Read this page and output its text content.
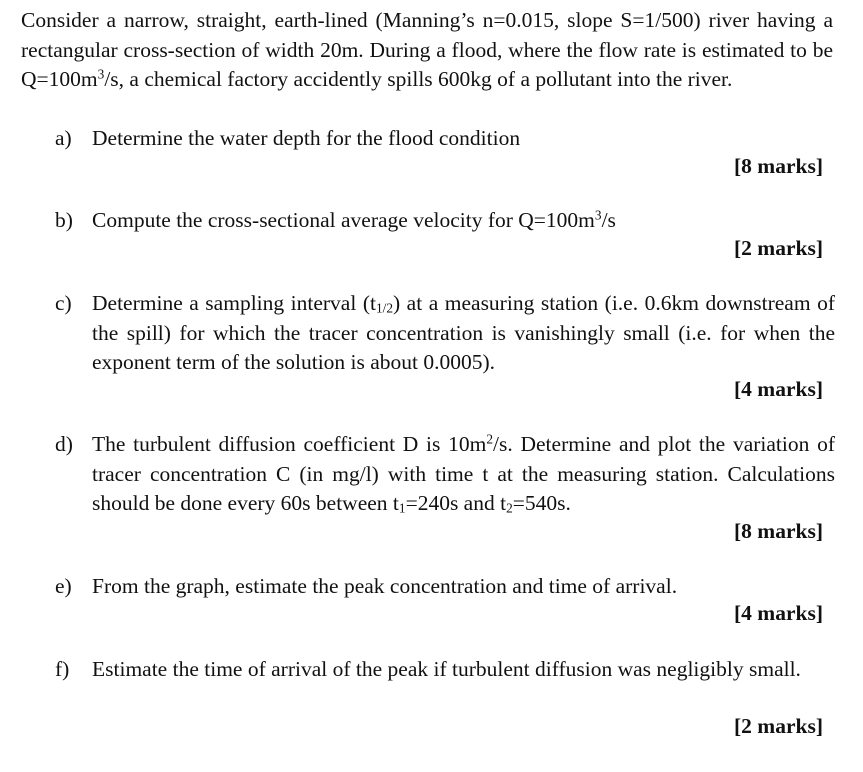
Consider a narrow, straight, earth-lined (Manning’s n=0.015, slope S=1/500) river having a rectangular cross-section of width 20m. During a flood, where the flow rate is estimated to be $Q=100m^3/s$, a chemical factory accidently spills 600kg of a pollutant into the river.
a) Determine the water depth for the flood condition
[8 marks]
b) Compute the cross-sectional average velocity for $Q=100m^3/s$
[2 marks]
c) Determine a sampling interval $(t_{1/2})$ at a measuring station (i.e. 0.6km downstream of the spill) for which the tracer concentration is vanishingly small (i.e. for when the exponent term of the solution is about 0.0005).
[4 marks]
d) The turbulent diffusion coefficient D is $10m^2/s$. Determine and plot the variation of tracer concentration C (in mg/l) with time t at the measuring station. Calculations should be done every 60s between $t_1=240s$ and $t_2=540s$.
[8 marks]
e) From the graph, estimate the peak concentration and time of arrival.
[4 marks]
f) Estimate the time of arrival of the peak if turbulent diffusion was negligibly small.
[2 marks]
